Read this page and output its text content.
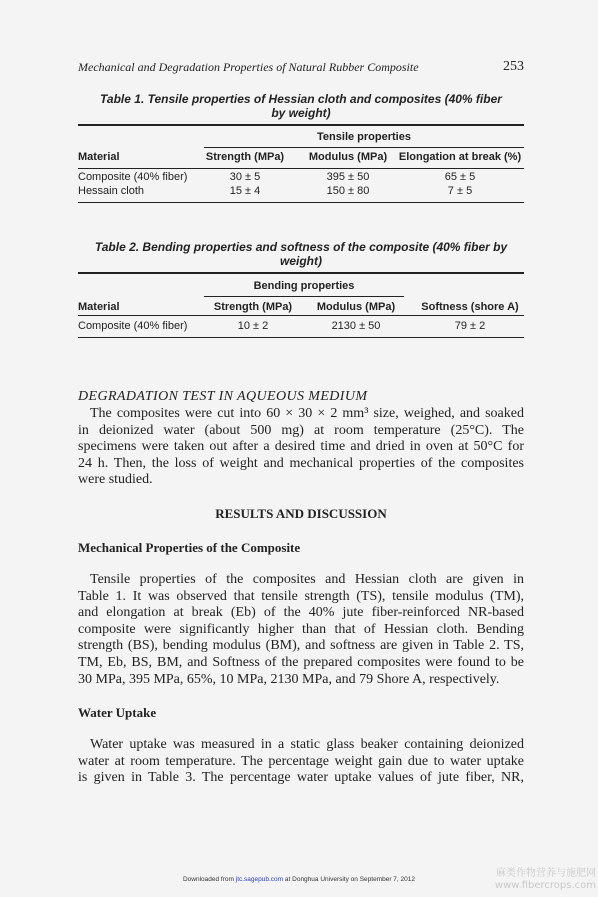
Mechanical and Degradation Properties of Natural Rubber Composite	253
Table 1. Tensile properties of Hessian cloth and composites (40% fiber
by weight)
Tensile properties
Material	Strength (MPa)	Modulus (MPa)	Elongation at break (%)
Composite (40% fiber)	30 ± 5	395 ± 50	65 ± 5
Hessain cloth	15 ± 4	150 ± 80	7 ± 5
Table 2. Bending properties and softness of the composite (40% fiber by
weight)
Bending properties
Material	Strength (MPa)	Modulus (MPa)	Softness (shore A)
Composite (40% fiber)	10 ± 2	2130 ± 50	79 ± 2
DEGRADATION TEST IN AQUEOUS MEDIUM
The composites were cut into 60 × 30 × 2 mm³ size, weighed, and soaked
in deionized water (about 500 mg) at room temperature (25°C). The
specimens were taken out after a desired time and dried in oven at 50°C for
24 h. Then, the loss of weight and mechanical properties of the composites
were studied.
RESULTS AND DISCUSSION
Mechanical Properties of the Composite
Tensile properties of the composites and Hessian cloth are given in
Table 1. It was observed that tensile strength (TS), tensile modulus (TM),
and elongation at break (Eb) of the 40% jute fiber-reinforced NR-based
composite were significantly higher than that of Hessian cloth. Bending
strength (BS), bending modulus (BM), and softness are given in Table 2. TS,
TM, Eb, BS, BM, and Softness of the prepared composites were found to be
30 MPa, 395 MPa, 65%, 10 MPa, 2130 MPa, and 79 Shore A, respectively.
Water Uptake
Water uptake was measured in a static glass beaker containing deionized
water at room temperature. The percentage weight gain due to water uptake
is given in Table 3. The percentage water uptake values of jute fiber, NR,
Downloaded from jtc.sagepub.com at Donghua University on September 7, 2012
麻类作物营养与施肥网
www.fibercrops.com
